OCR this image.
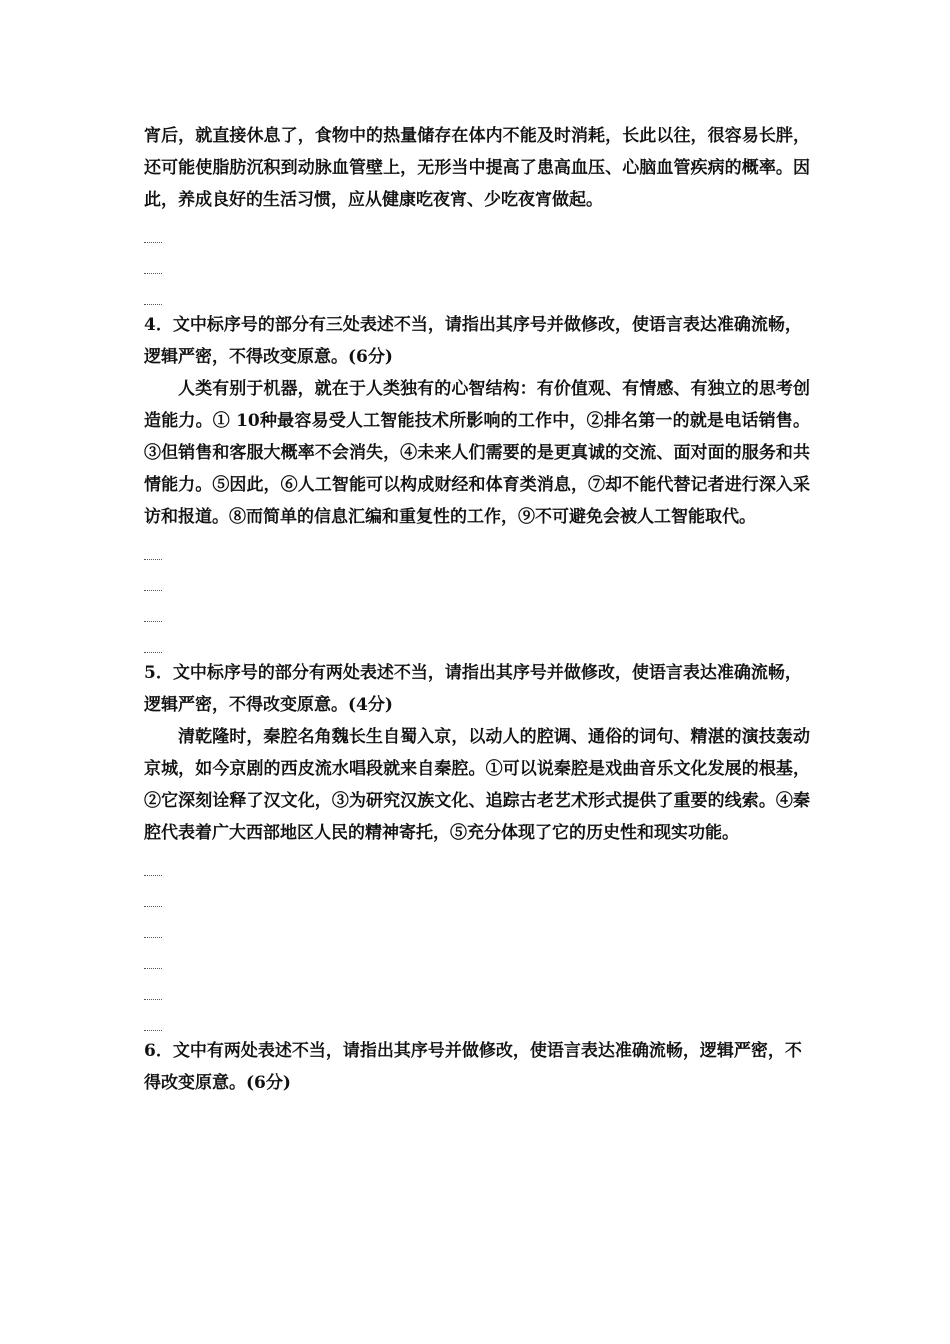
宵后，就直接休息了，食物中的热量储存在体内不能及时消耗，长此以往，很容易长胖，还可能使脂肪沉积到动脉血管壁上，无形当中提高了患高血压、心脑血管疾病的概率。因此，养成良好的生活习惯，应从健康吃夜宵、少吃夜宵做起。

4．文中标序号的部分有三处表述不当，请指出其序号并做修改，使语言表达准确流畅，逻辑严密，不得改变原意。(6分)

人类有别于机器，就在于人类独有的心智结构：有价值观、有情感、有独立的思考创造能力。① 10种最容易受人工智能技术所影响的工作中，②排名第一的就是电话销售。③但销售和客服大概率不会消失，④未来人们需要的是更真诚的交流、面对面的服务和共情能力。⑤因此，⑥人工智能可以构成财经和体育类消息，⑦却不能代替记者进行深入采访和报道。⑧而简单的信息汇编和重复性的工作，⑨不可避免会被人工智能取代。

5．文中标序号的部分有两处表述不当，请指出其序号并做修改，使语言表达准确流畅，逻辑严密，不得改变原意。(4分)

清乾隆时，秦腔名角魏长生自蜀入京，以动人的腔调、通俗的词句、精湛的演技轰动京城，如今京剧的西皮流水唱段就来自秦腔。①可以说秦腔是戏曲音乐文化发展的根基，②它深刻诠释了汉文化，③为研究汉族文化、追踪古老艺术形式提供了重要的线索。④秦腔代表着广大西部地区人民的精神寄托，⑤充分体现了它的历史性和现实功能。

6．文中有两处表述不当，请指出其序号并做修改，使语言表达准确流畅，逻辑严密，不得改变原意。(6分)
